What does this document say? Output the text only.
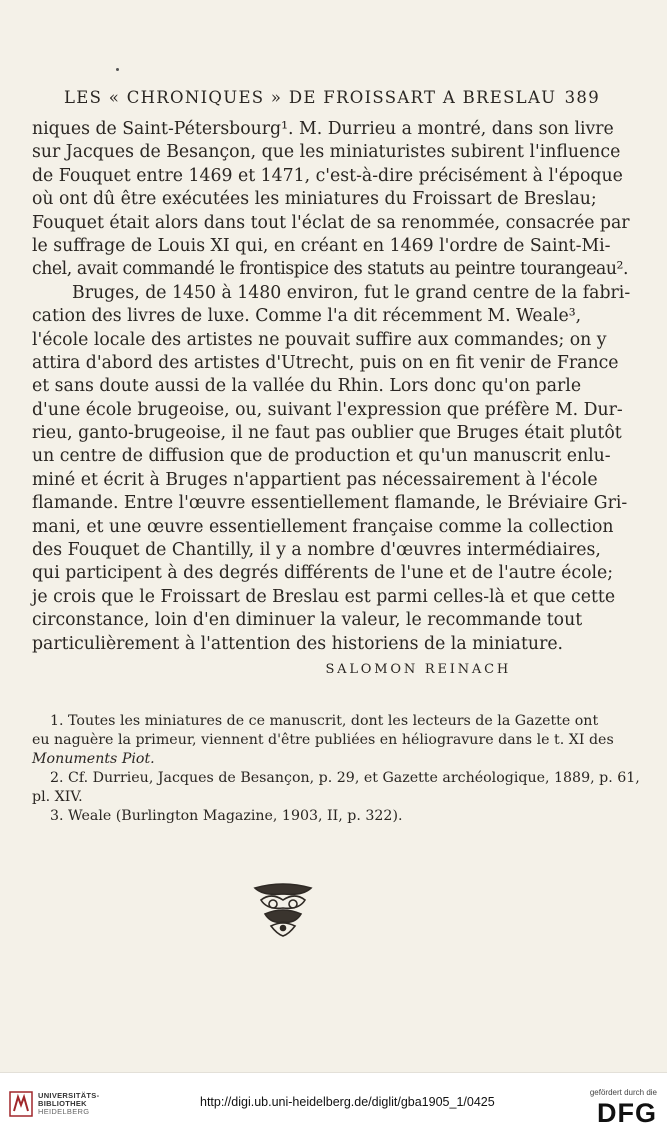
LES « CHRONIQUES » DE FROISSART A BRESLAU 389
niques de Saint-Pétersbourg¹. M. Durrieu a montré, dans son livre
sur Jacques de Besançon, que les miniaturistes subirent l'influence
de Fouquet entre 1469 et 1471, c'est-à-dire précisément à l'époque
où ont dû être exécutées les miniatures du Froissart de Breslau;
Fouquet était alors dans tout l'éclat de sa renommée, consacrée par
le suffrage de Louis XI qui, en créant en 1469 l'ordre de Saint-Mi-
chel, avait commandé le frontispice des statuts au peintre tourangeau².
Bruges, de 1450 à 1480 environ, fut le grand centre de la fabri-
cation des livres de luxe. Comme l'a dit récemment M. Weale³,
l'école locale des artistes ne pouvait suffire aux commandes; on y
attira d'abord des artistes d'Utrecht, puis on en fit venir de France
et sans doute aussi de la vallée du Rhin. Lors donc qu'on parle
d'une école brugeoise, ou, suivant l'expression que préfère M. Dur-
rieu, ganto-brugeoise, il ne faut pas oublier que Bruges était plutôt
un centre de diffusion que de production et qu'un manuscrit enlu-
miné et écrit à Bruges n'appartient pas nécessairement à l'école
flamande. Entre l'œuvre essentiellement flamande, le Bréviaire Gri-
mani, et une œuvre essentiellement française comme la collection
des Fouquet de Chantilly, il y a nombre d'œuvres intermédiaires,
qui participent à des degrés différents de l'une et de l'autre école;
je crois que le Froissart de Breslau est parmi celles-là et que cette
circonstance, loin d'en diminuer la valeur, le recommande tout
particulièrement à l'attention des historiens de la miniature.
SALOMON REINACH
1. Toutes les miniatures de ce manuscrit, dont les lecteurs de la Gazette ont
eu naguère la primeur, viennent d'être publiées en héliogravure dans le t. XI des
Monuments Piot.
2. Cf. Durrieu, Jacques de Besançon, p. 29, et Gazette archéologique, 1889, p. 61,
pl. XIV.
3. Weale (Burlington Magazine, 1903, II, p. 322).
UNIVERSITÄTS-
BIBLIOTHEK
HEIDELBERG
http://digi.ub.uni-heidelberg.de/diglit/gba1905_1/0425
gefördert durch die
DFG
